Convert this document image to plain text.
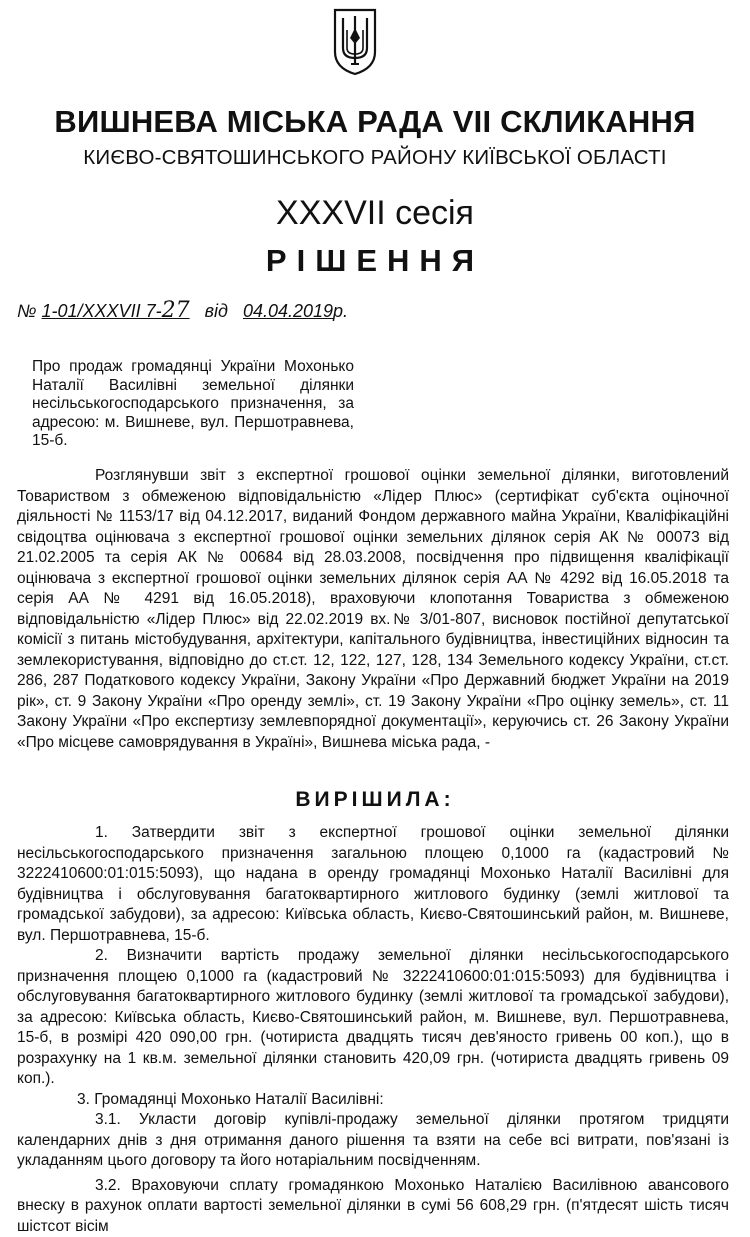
ВИШНЕВА МІСЬКА РАДА VII СКЛИКАННЯ
КИЄВО-СВЯТОШИНСЬКОГО РАЙОНУ КИЇВСЬКОЇ ОБЛАСТІ
XXXVII сесія
РІШЕННЯ
№ 1-01/XXXVII 7-27 від 04.04.2019р.
Про продаж громадянці України Мохонько Наталії Василівні земельної ділянки несільськогосподарського призначення, за адресою: м. Вишневе, вул. Першотравнева, 15-б.

Розглянувши звіт з експертної грошової оцінки земельної ділянки, виготовлений Товариством з обмеженою відповідальністю «Лідер Плюс» (сертифікат суб'єкта оціночної діяльності № 1153/17 від 04.12.2017, виданий Фондом державного майна України, Кваліфікаційні свідоцтва оцінювача з експертної грошової оцінки земельних ділянок серія АК № 00073 від 21.02.2005 та серія АК № 00684 від 28.03.2008, посвідчення про підвищення кваліфікації оцінювача з експертної грошової оцінки земельних ділянок серія АА № 4292 від 16.05.2018 та серія АА № 4291 від 16.05.2018), враховуючи клопотання Товариства з обмеженою відповідальністю «Лідер Плюс» від 22.02.2019 вх.№ 3/01-807, висновок постійної депутатської комісії з питань містобудування, архітектури, капітального будівництва, інвестиційних відносин та землекористування, відповідно до ст.ст. 12, 122, 127, 128, 134 Земельного кодексу України, ст.ст. 286, 287 Податкового кодексу України, Закону України «Про Державний бюджет України на 2019 рік», ст. 9 Закону України «Про оренду землі», ст. 19 Закону України «Про оцінку земель», ст. 11 Закону України «Про експертизу землевпорядної документації», керуючись ст. 26 Закону України «Про місцеве самоврядування в Україні», Вишнева міська рада, -

ВИРІШИЛА:

1. Затвердити звіт з експертної грошової оцінки земельної ділянки несільськогосподарського призначення загальною площею 0,1000 га (кадастровий № 3222410600:01:015:5093), що надана в оренду громадянці Мохонько Наталії Василівні для будівництва і обслуговування багатоквартирного житлового будинку (землі житлової та громадської забудови), за адресою: Київська область, Києво-Святошинський район, м. Вишневе, вул. Першотравнева, 15-б.

2. Визначити вартість продажу земельної ділянки несільськогосподарського призначення площею 0,1000 га (кадастровий № 3222410600:01:015:5093) для будівництва і обслуговування багатоквартирного житлового будинку (землі житлової та громадської забудови), за адресою: Київська область, Києво-Святошинський район, м. Вишневе, вул. Першотравнева, 15-б, в розмірі 420 090,00 грн. (чотириста двадцять тисяч дев'яносто гривень 00 коп.), що в розрахунку на 1 кв.м. земельної ділянки становить 420,09 грн. (чотириста двадцять гривень 09 коп.).

3. Громадянці Мохонько Наталії Василівні:

3.1. Укласти договір купівлі-продажу земельної ділянки протягом тридцяти календарних днів з дня отримання даного рішення та взяти на себе всі витрати, пов'язані із укладанням цього договору та його нотаріальним посвідченням.

3.2. Враховуючи сплату громадянкою Мохонько Наталією Василівною авансового внеску в рахунок оплати вартості земельної ділянки в сумі 56 608,29 грн. (п'ятдесят шість тисяч шістсот вісім
